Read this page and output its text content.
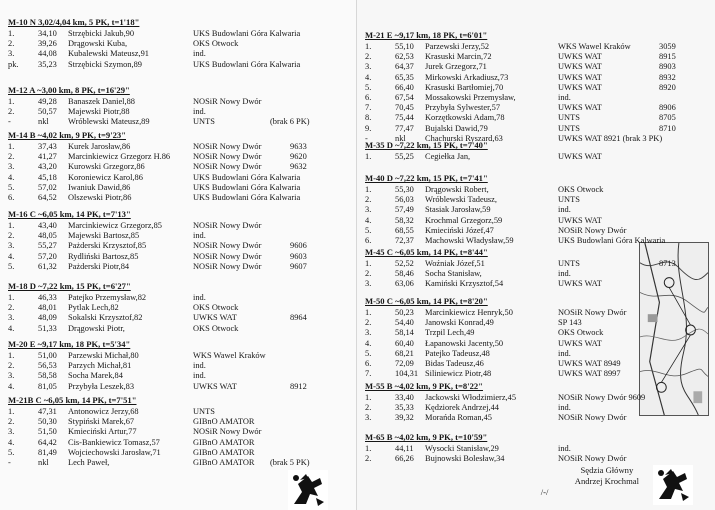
M-10 N 3,02/4,04 km, 5 PK, t=1'18"
1.	34,10 Strzębicki Jakub,90	UKS Budowlani Góra Kalwaria
2.	39,26 Drągowski Kuba,	OKS Otwock
3.	44,08 Kubalewski Mateusz,91	ind.
pk. 35,23 Strzębicki Szymon,89	UKS Budowlani Góra Kalwaria
M-12 A ~3,00 km, 8 PK, t=16'29"
1.	49,28 Banaszek Daniel,88	NOSiR Nowy Dwór
2.	50,57 Majewski Piotr,88	ind.
-	nkl Wróblewski Mateusz,89	UNTS	(brak 6 PK)
M-14 B ~4,02 km, 9 PK, t=9'23"
1.	37,43 Kurek Jarosław,86	NOSiR Nowy Dwór	9633
2.	41,27 Marcinkiewicz Grzegorz H.86	NOSiR Nowy Dwór	9620
3.	43,20 Kurowski Grzegorz,86	NOSiR Nowy Dwór	9632
4.	45,18 Koroniewicz Karol,86	UKS Budowlani Góra Kalwaria
5.	57,02 Iwaniuk Dawid,86	UKS Budowlani Góra Kalwaria
6.	64,52 Olszewski Piotr,86	UKS Budowlani Góra Kalwaria
M-16 C ~6,05 km, 14 PK, t=7'13"
1.	43,40 Marcinkiewicz Grzegorz,85	NOSiR Nowy Dwór
2.	48,05 Majewski Bartosz,85	ind.
3.	55,27 Pażderski Krzysztof,85	NOSiR Nowy Dwór	9606
4.	57,20 Rydliński Bartosz,85	NOSiR Nowy Dwór	9603
5.	61,32 Pażderski Piotr,84	NOSiR Nowy Dwór	9607
M-18 D ~7,22 km, 15 PK, t=6'27"
1.	46,33 Patejko Przemysław,82	ind.
2.	48,01 Pytlak Lech,82	OKS Otwock
3.	48,09 Sokalski Krzysztof,82	UWKS WAT	8964
4.	51,33 Drągowski Piotr,	OKS Otwock
M-20 E ~9,17 km, 18 PK, t=5'34"
1.	51,00 Parzewski Michał,80	WKS Wawel Kraków
2.	56,53 Parzych Michał,81	ind.
3.	58,58 Socha Marek,84	ind.
4.	81,05 Przybyła Leszek,83	UWKS WAT	8912
M-21B C ~6,05 km, 14 PK, t=7'51"
1.	47,31 Antonowicz Jerzy,68	UNTS
2.	50,30 Stypiński Marek,67	GIBnO AMATOR
3.	51,50 Kmieciński Artur,77	NOSiR Nowy Dwór
4.	64,42 Cis-Bankiewicz Tomasz,57	GIBnO AMATOR
5.	81,49 Wojciechowski Jarosław,71	GIBnO AMATOR
-	nkl Lech Paweł,	GIBnO AMATOR (brak 5 PK)
Sędzia Główny
/-/
Andrzej Krochmal
M-21 E ~9,17 km, 18 PK, t=6'01"
1.	55,10 Parzewski Jerzy,52	WKS Wawel Kraków	3059
2.	62,53 Krasuski Marcin,72	UWKS WAT	8915
3.	64,37 Jurek Grzegorz,71	UWKS WAT	8903
4.	65,35 Mirkowski Arkadiusz,73	UWKS WAT	8932
5.	66,40 Krasuski Bartłomiej,70	UWKS WAT	8920
6.	67,54 Mossakowski Przemysław,	ind.
7.	70,45 Przybyła Sylwester,57	UWKS WAT	8906
8.	75,44 Korzętkowski Adam,78	UNTS	8705
9.	77,47 Bujalski Dawid,79	UNTS	8710
-	nkl Chachurski Ryszard,63	UWKS WAT 8921 (brak 3 PK)
M-35 D ~7,22 km, 15 PK, t=7'40"
1.	55,25 Cegiełka Jan,	UWKS WAT
M-40 D ~7,22 km, 15 PK, t=7'41"
1.	55,30 Drągowski Robert,	OKS Otwock
2.	56,03 Wróblewski Tadeusz,	UNTS
3.	57,49 Stasiak Jarosław,59	ind.
4.	58,32 Krochmal Grzegorz,59	UWKS WAT
5.	68,55 Kmieciński Józef,47	NOSiR Nowy Dwór
6.	72,37 Machowski Władysław,59	UKS Budowlani Góra Kalwaria
M-45 C ~6,05 km, 14 PK, t=8'44"
1.	52,52 Woźniak Józef,51	UNTS	8713
2.	58,46 Socha Stanisław,	ind.
3.	63,06 Kamiński Krzysztof,54	UWKS WAT
M-50 C ~6,05 km, 14 PK, t=8'20"
1.	50,23 Marcinkiewicz Henryk,50	NOSiR Nowy Dwór
2.	54,40 Janowski Konrad,49	SP 143
3.	58,14 Trzpil Lech,49	OKS Otwock
4.	60,40 Łapanowski Jacenty,50	UWKS WAT
5.	68,21 Patejko Tadeusz,48	ind.
6.	72,09 Bidas Tadeusz,46	UWKS WAT 8949
7.	104,31 Siliniewicz Piotr,48	UWKS WAT 8997
M-55 B ~4,02 km, 9 PK, t=8'22"
1.	33,40 Jackowski Włodzimierz,45	NOSiR Nowy Dwór 9609
2.	35,33 Kędziorek Andrzej,44	ind.
3.	39,32 Morańda Roman,45	NOSiR Nowy Dwór
M-65 B ~4,02 km, 9 PK, t=10'59"
1.	44,11 Wysocki Stanisław,29	ind.
2.	66,26 Bujnowski Bolesław,34	NOSiR Nowy Dwór
